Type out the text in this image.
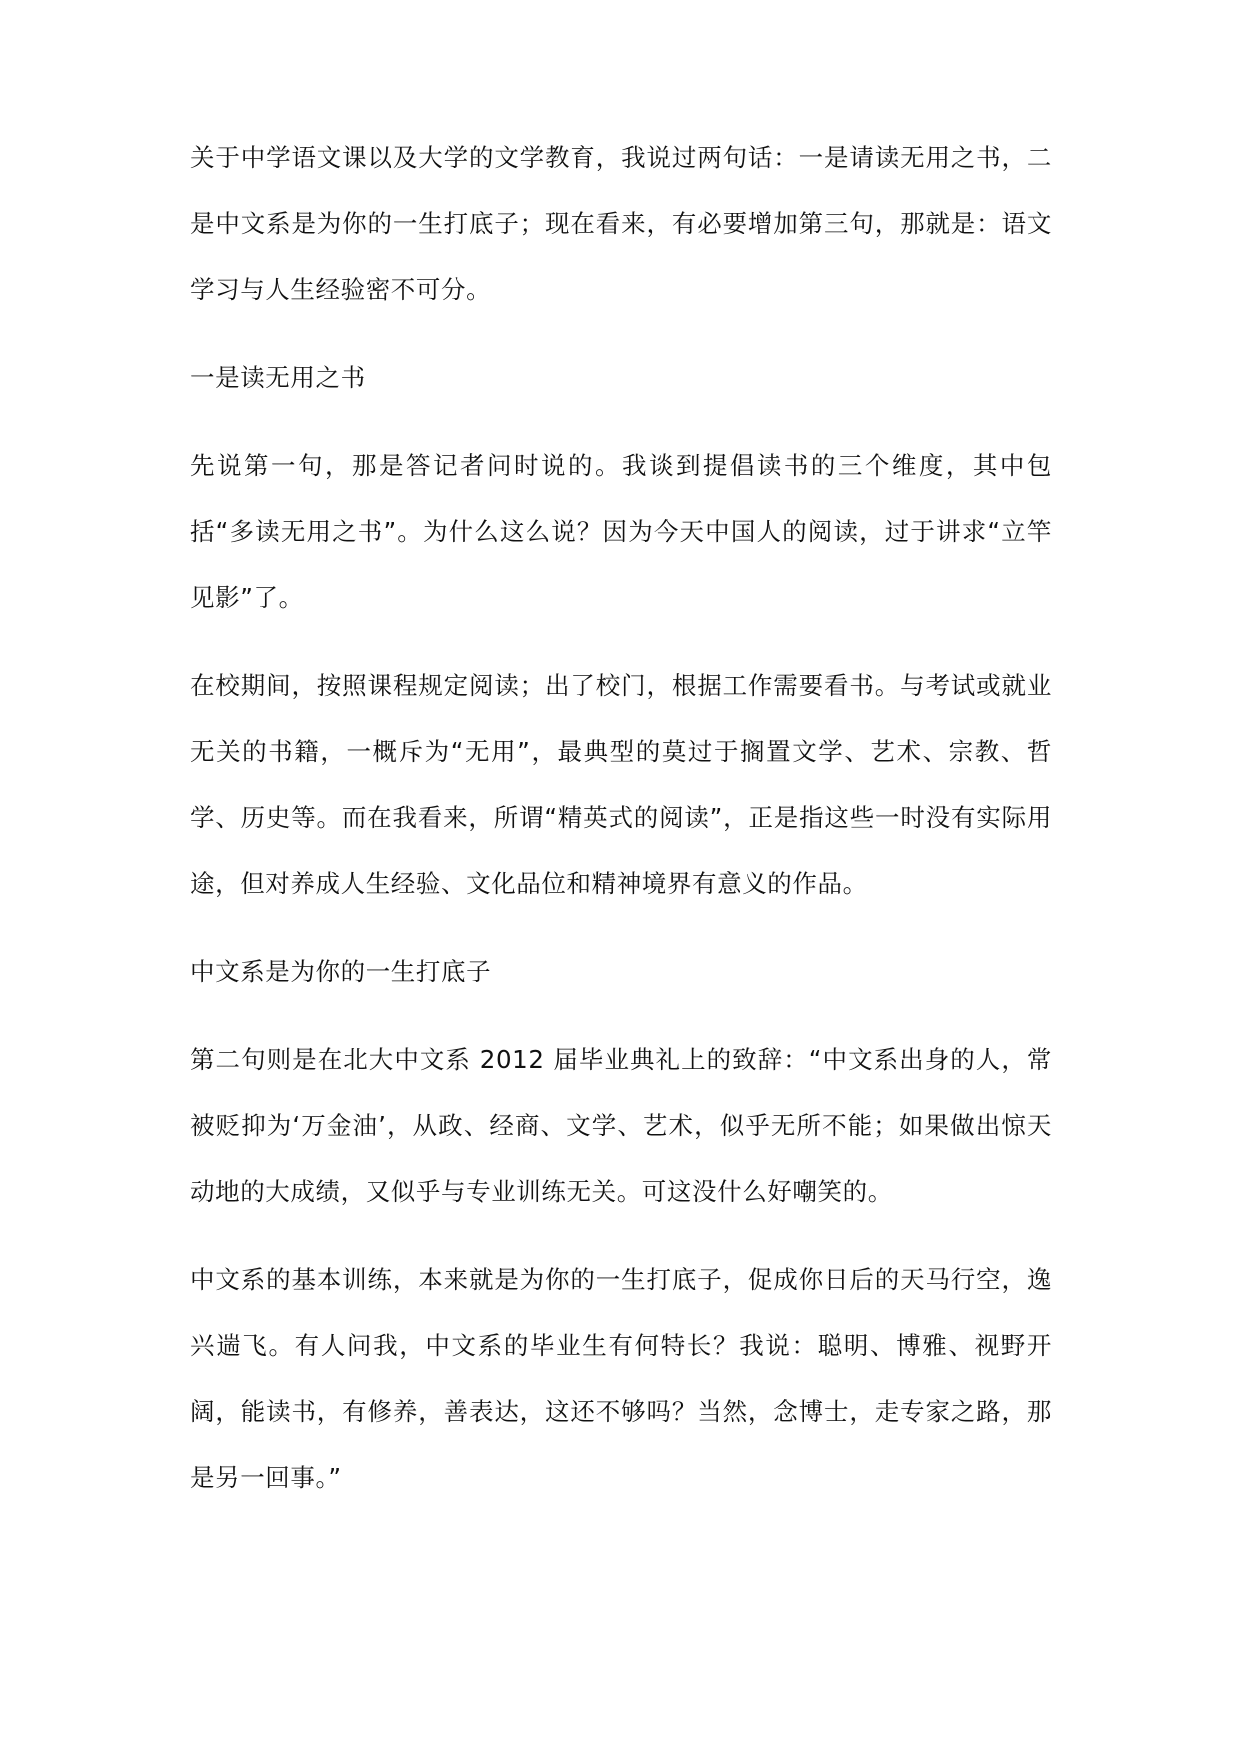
关于中学语文课以及大学的文学教育，我说过两句话：一是请读无用之书，二是中文系是为你的一生打底子；现在看来，有必要增加第三句，那就是：语文学习与人生经验密不可分。

一是读无用之书

先说第一句，那是答记者问时说的。我谈到提倡读书的三个维度，其中包括“多读无用之书”。为什么这么说？因为今天中国人的阅读，过于讲求“立竿见影”了。

在校期间，按照课程规定阅读；出了校门，根据工作需要看书。与考试或就业无关的书籍，一概斥为“无用”，最典型的莫过于搁置文学、艺术、宗教、哲学、历史等。而在我看来，所谓“精英式的阅读”，正是指这些一时没有实际用途，但对养成人生经验、文化品位和精神境界有意义的作品。

中文系是为你的一生打底子

第二句则是在北大中文系 2012 届毕业典礼上的致辞：“中文系出身的人，常被贬抑为‘万金油’，从政、经商、文学、艺术，似乎无所不能；如果做出惊天动地的大成绩，又似乎与专业训练无关。可这没什么好嘲笑的。

中文系的基本训练，本来就是为你的一生打底子，促成你日后的天马行空，逸兴遄飞。有人问我，中文系的毕业生有何特长？我说：聪明、博雅、视野开阔，能读书，有修养，善表达，这还不够吗？当然，念博士，走专家之路，那是另一回事。”
